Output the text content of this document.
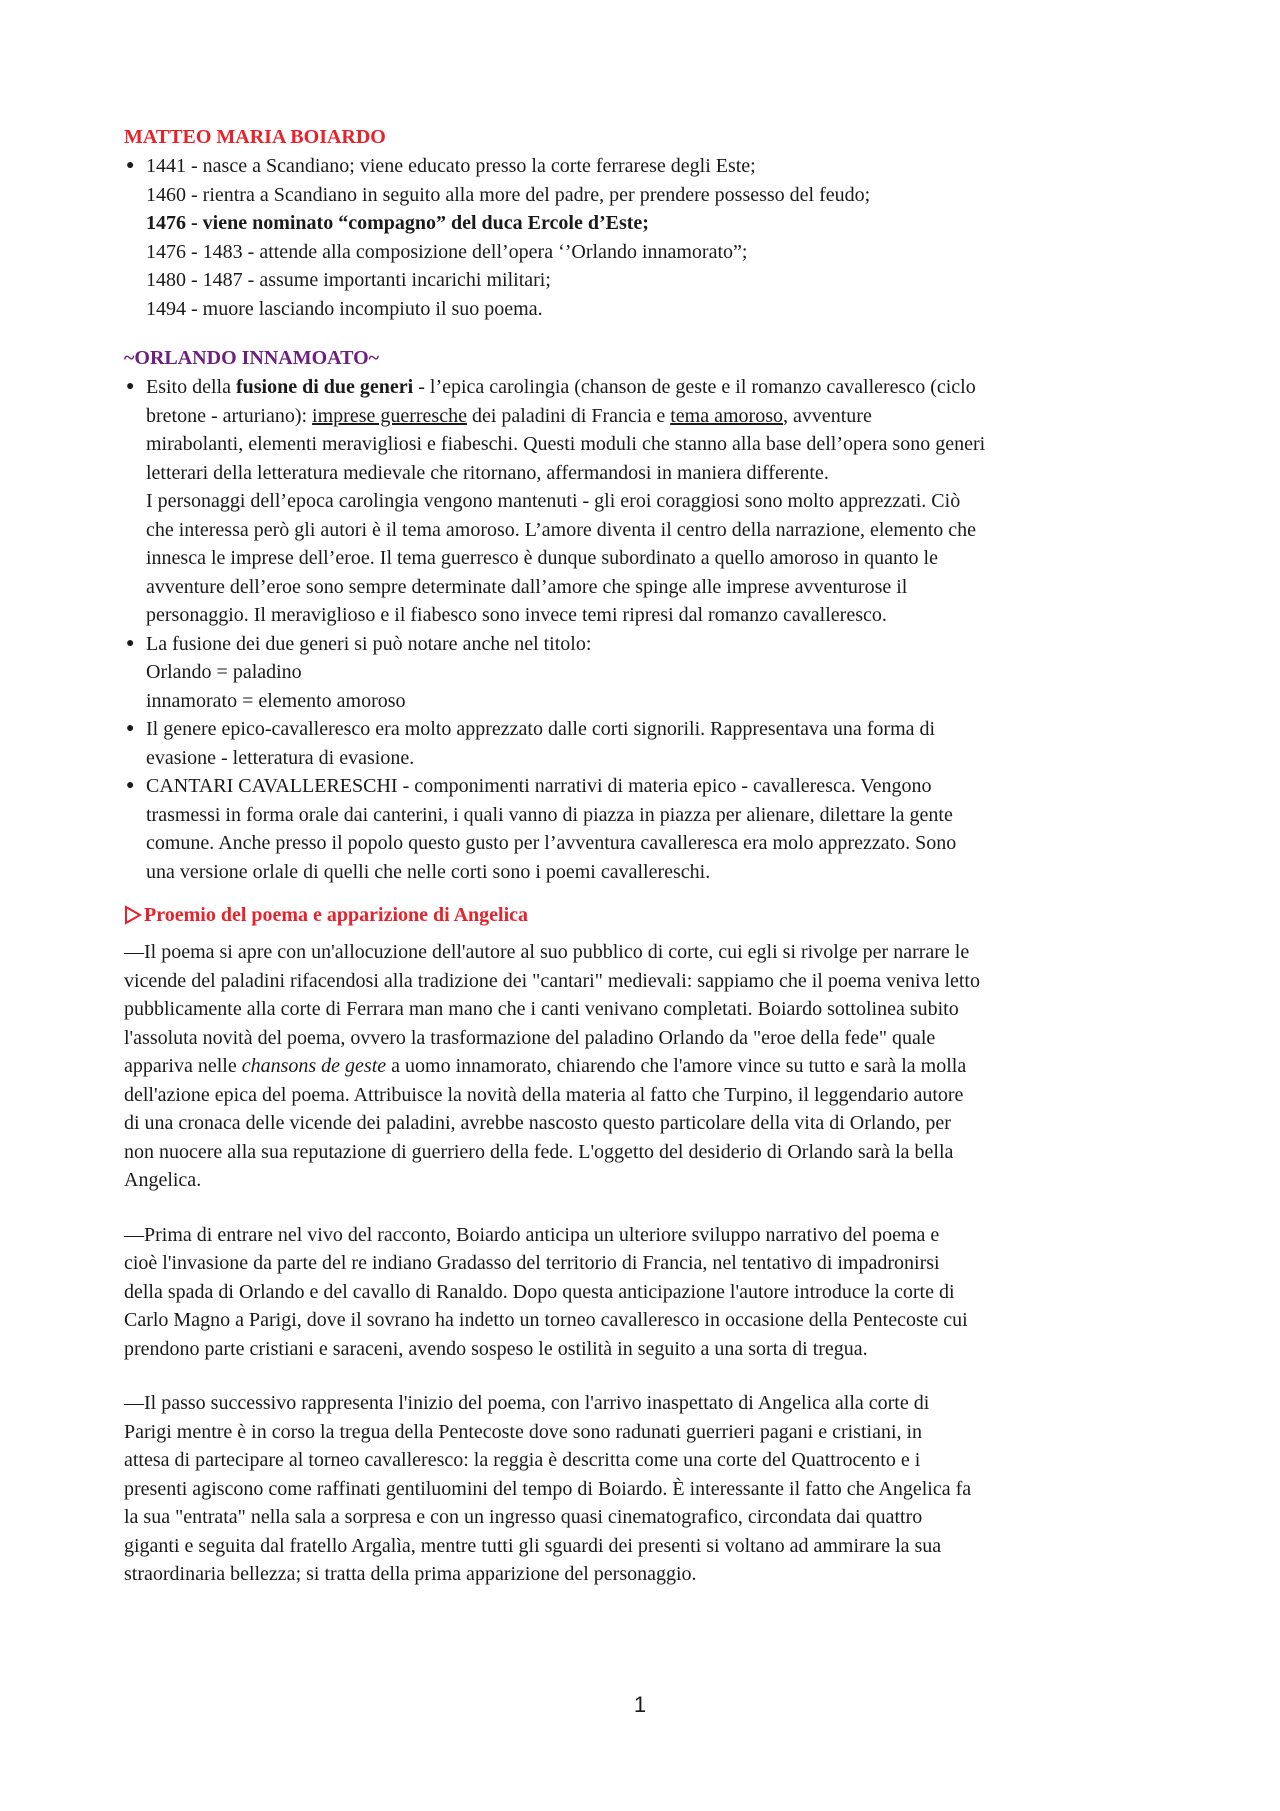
MATTEO MARIA BOIARDO
● 1441 - nasce a Scandiano; viene educato presso la corte ferrarese degli Este;
1460 - rientra a Scandiano in seguito alla more del padre, per prendere possesso del feudo;
1476 - viene nominato “compagno” del duca Ercole d’Este;
1476 - 1483 - attende alla composizione dell’opera ‘’Orlando innamorato”;
1480 - 1487 - assume importanti incarichi militari;
1494 - muore lasciando incompiuto il suo poema.
~ORLANDO INNAMOATO~
● Esito della fusione di due generi - l’epica carolingia (chanson de geste e il romanzo cavalleresco (ciclo
bretone - arturiano): imprese guerresche dei paladini di Francia e tema amoroso, avventure
mirabolanti, elementi meravigliosi e fiabeschi. Questi moduli che stanno alla base dell’opera sono generi
letterari della letteratura medievale che ritornano, affermandosi in maniera differente.
I personaggi dell’epoca carolingia vengono mantenuti - gli eroi coraggiosi sono molto apprezzati. Ciò
che interessa però gli autori è il tema amoroso. L’amore diventa il centro della narrazione, elemento che
innesca le imprese dell’eroe. Il tema guerresco è dunque subordinato a quello amoroso in quanto le
avventure dell’eroe sono sempre determinate dall’amore che spinge alle imprese avventurose il
personaggio. Il meraviglioso e il fiabesco sono invece temi ripresi dal romanzo cavalleresco.
● La fusione dei due generi si può notare anche nel titolo:
Orlando = paladino
innamorato = elemento amoroso
● Il genere epico-cavalleresco era molto apprezzato dalle corti signorili. Rappresentava una forma di
evasione - letteratura di evasione.
● CANTARI CAVALLERESCHI - componimenti narrativi di materia epico - cavalleresca. Vengono
trasmessi in forma orale dai canterini, i quali vanno di piazza in piazza per alienare, dilettare la gente
comune. Anche presso il popolo questo gusto per l’avventura cavalleresca era molo apprezzato. Sono
una versione orlale di quelli che nelle corti sono i poemi cavallereschi.
Proemio del poema e apparizione di Angelica

—Il poema si apre con un'allocuzione dell'autore al suo pubblico di corte, cui egli si rivolge per narrare le
vicende del paladini rifacendosi alla tradizione dei "cantari" medievali: sappiamo che il poema veniva letto
pubblicamente alla corte di Ferrara man mano che i canti venivano completati. Boiardo sottolinea subito
l'assoluta novità del poema, ovvero la trasformazione del paladino Orlando da "eroe della fede" quale
appariva nelle chansons de geste a uomo innamorato, chiarendo che l'amore vince su tutto e sarà la molla
dell'azione epica del poema. Attribuisce la novità della materia al fatto che Turpino, il leggendario autore
di una cronaca delle vicende dei paladini, avrebbe nascosto questo particolare della vita di Orlando, per
non nuocere alla sua reputazione di guerriero della fede. L'oggetto del desiderio di Orlando sarà la bella
Angelica.

—Prima di entrare nel vivo del racconto, Boiardo anticipa un ulteriore sviluppo narrativo del poema e
cioè l'invasione da parte del re indiano Gradasso del territorio di Francia, nel tentativo di impadronirsi
della spada di Orlando e del cavallo di Ranaldo. Dopo questa anticipazione l'autore introduce la corte di
Carlo Magno a Parigi, dove il sovrano ha indetto un torneo cavalleresco in occasione della Pentecoste cui
prendono parte cristiani e saraceni, avendo sospeso le ostilità in seguito a una sorta di tregua.

—Il passo successivo rappresenta l'inizio del poema, con l'arrivo inaspettato di Angelica alla corte di
Parigi mentre è in corso la tregua della Pentecoste dove sono radunati guerrieri pagani e cristiani, in
attesa di partecipare al torneo cavalleresco: la reggia è descritta come una corte del Quattrocento e i
presenti agiscono come raffinati gentiluomini del tempo di Boiardo. È interessante il fatto che Angelica fa
la sua "entrata" nella sala a sorpresa e con un ingresso quasi cinematografico, circondata dai quattro
giganti e seguita dal fratello Argalìa, mentre tutti gli sguardi dei presenti si voltano ad ammirare la sua
straordinaria bellezza; si tratta della prima apparizione del personaggio.

1
